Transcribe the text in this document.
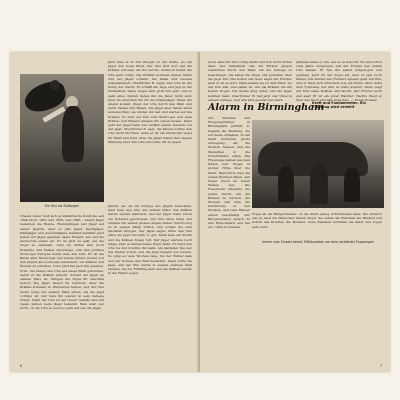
Ein Uhu als Stoßvogel
Unsere Leber muß sich großstädtische Kontrolle seit 1848 nicht, 1861 und 1882, und 1896 – Abend Jäger beisetzen die Hunde. Brennpflügen und Jäger auf seiner Jägerin. Aber es gibt Jäger, Dachsjäger, Hahnjäger und Auerwildjäger. Gebhild Gebhild! Jetzt haben wir Jäger gesehen, sagte Eduard, wie und die Antworten sehen wir. Es ist jetzt zu spät, um die Vögel zu sammeln. Aber im Süden sind noch Kraniche und Falken unterwegs, und den größten Stoßvogel Europas nennt man den Uhu. Er ist die Beute aller Raubvögel und wurde immer wieder von den Jägern als Lockvogel verwendet, um Krähen und Elstern zu schießen. Nun! Jetzt hat Jack ihn gesehen, Fritz. Sie haben den Uhu auf einen Pfahl gebunden, damit er die Krähen anlockt. Sobald der Jäger an seinem Platz ist, bringen die Vögel ihr Geschrei hervor. Die Jäger lauern im Versteck. Aber die Krähen kommen zu Hunderten herbei, und der Uhu bleibt ruhig auf seinem Platz sitzen, bis die Jagd vorüber ist und man ihn wieder in sein Gehege bringt. Denn der Uhu ist ein treuer Gehilfe und seit vielen Jahren beim Jäger bekannt. Man weiß nur nicht, ob der Uhu es auch so gern hat wie die Jäger.
Jetzt kam er in den Bergen zu der Stelle, wo ein Jäger den Vogel fängt. Der Uhu sitzt dort und die Krähen schreien um ihn herum. Dennoch bleibt der Uhu ganz ruhig. Die Krähen kommen immer näher und der Jäger schießt. Sie fallen und werden aufgesammelt. Oberförster R. sagte: Der Uhu ist der König der Nacht. Er schläft am Tage und jagt in der Dunkelheit. Seine Augen sind groß und gelb, und er sieht alles. Darum lieben ihn die Jäger nicht sehr, aber sie brauchen ihn für die Krähenjagd. Wenn der Abend kommt, fliegt der Uhu durch den Wald und sucht Mäuse und Hasen. Die Jäger aber haben einen anderen Plan: sie binden ihn fest und warten auf die Krähen. So wird der Uhu zum Stoßvogel, und viele Krähen und Elstern müssen ihr Leben lassen. Dann geht der Jäger heim und erzählt seinen Kindern von der Jagd. Oberförster R. sagt, die Kinder sollten den Uhu nicht fürchten, denn er ist ein nützlicher Vogel für Wald und Feld. Aber die Jäger haben ihre eigene Meinung über den Uhu und seine Art zu jagen.
Jahren, als sie die Gruppe des Jägers besuchten, fand man den Uhu auf seinem Platz. Die Krähen waren wieder zahlreich, und der Jäger hatte schon ein Dutzend geschossen. Der Uhu blieb ruhig und schaute mit seinen großen Augen umher. Nachts flog er in seinen Käfig zurück und schlief bis zum nächsten Morgen. Der Jäger sagte: Ohne den Uhu wäre die Jagd nur halb so gut. Dann kam ein Sturm und die Krähen flogen fort. Der Jäger wartete noch lange, aber es kamen keine Vögel mehr. Er band den Uhu los und brachte ihn heim. Am nächsten Tag war das Wetter schön, und die Jagd begann von neuem. So ging es viele Wochen lang, bis der Winter kam und der Schnee den Wald bedeckte. Dann ruhte die Jagd, und der Uhu durfte in seinem warmen Stall bleiben, bis der Frühling kam und die Krähen wieder in die Felder zogen.
6
nach, dass der Uhu ruhig bleibt und sich nicht stören lässt. Der Geheimrat und der Förster gingen zusammen durch den Wald, um die Gehege zu besichtigen. Sie sahen die Vögel und sprachen über die Jagd. Ein Uhu kostet viel Geld, sagte der Förster, aber er ist es wert. Dann kamen sie zu dem Platz, wo der Uhu saß, und sahen zu, wie die Krähen um ihn herum flogen. Die Sonne ging unter, und die Jäger kehrten heim. Oberförster W. hat jetzt vier Uhus in seinem Gehege, und alle sind gesund und stark.
pflanzen kann so tun, wie er es braucht. Es sind schon viele Jahre vergangen, seit der Förster den ersten Uhu bekam. Er hat ihn selbst aufgezogen und gepflegt. Jetzt ist der Vogel alt, aber er jagt noch immer. Die Kinder des Försters spielen gern mit ihm, und er lässt sich streicheln wie ein Hund. Aber wehe dem Fremden, der ihm zu nahe kommt! Dann zeigt der Uhu seine Krallen und faucht. Der Förster lacht und sagt: Er ist ein guter Wächter. Nachts fliegt er über das Dach und hält Ausschau. — Erwin Kramer
Alarm in Birmingham
Kraft und Fundamenten. Ein Flugzeug wird verteilt
(W.) Minuten und Flugzeugeführer in Birmingham geführt, so begann die Meldung, die wir heute erhielten. In der Stadt herrschte große Aufregung, als die Sirenen heulten und die Menschen in die Schutzräume eilten. Die Flugzeuge kamen aus dem Süden und flogen in großer Höhe über die Stadt. Bald hörte man die ersten Bomben fallen, und Feuer brach an vielen Stellen aus. Die Feuerwehr arbeitete die ganze Nacht, um die Brände zu löschen. Am Morgen sah man die Zerstörung in den Straßen, und viele Häuser waren beschädigt. Der Bürgermeister sprach zu den Einwohnern und bat sie, ruhig zu bleiben.
Frage an die Bürgermeister, ob die Stadt genug Schutzräume habe. Die Antwort war ja, aber die Menschen hatten Angst. Sie sahen die Flammen am Himmel und hörten das Krachen der Bomben. Viele Familien verließen die Stadt und zogen aufs Land.
Immer zum Einsatz bereit. Militärposten vor dem zerstörten Flugzeugen
7
